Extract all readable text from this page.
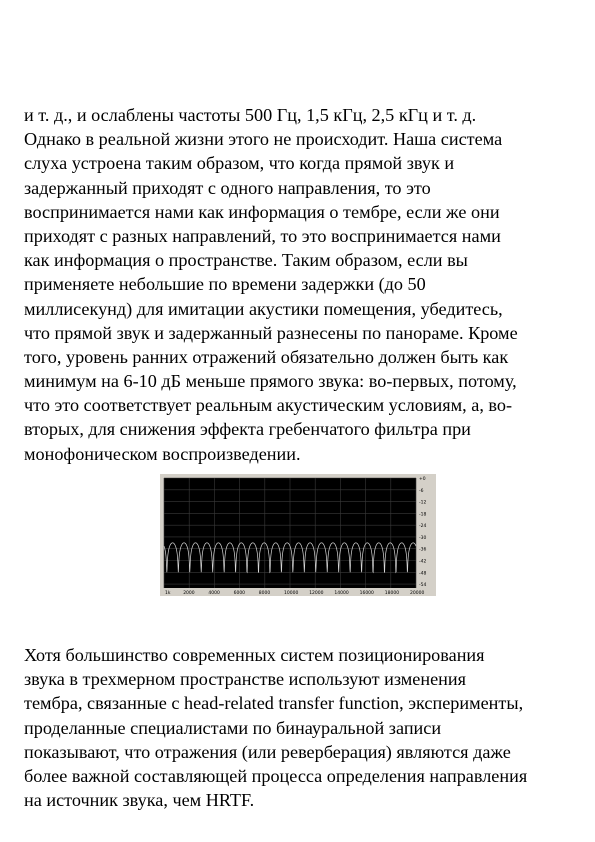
и т. д., и ослаблены частоты 500 Гц, 1,5 кГц, 2,5 кГц и т. д.
Однако в реальной жизни этого не происходит. Наша система
слуха устроена таким образом, что когда прямой звук и
задержанный приходят с одного направления, то это
воспринимается нами как информация о тембре, если же они
приходят с разных направлений, то это воспринимается нами
как информация о пространстве. Таким образом, если вы
применяете небольшие по времени задержки (до 50
миллисекунд) для имитации акустики помещения, убедитесь,
что прямой звук и задержанный разнесены по панораме. Кроме
того, уровень ранних отражений обязательно должен быть как
минимум на 6-10 дБ меньше прямого звука: во-первых, потому,
что это соответствует реальным акустическим условиям, а, во-
вторых, для снижения эффекта гребенчатого фильтра при
монофоническом воспроизведении.
+0
-6
-12
-18
-24
-30
-36
-42
-48
-54
1k	2000	4000	6000	8000	10000 12000 14000 16000 18000 20000
Хотя большинство современных систем позиционирования
звука в трехмерном пространстве используют изменения
тембра, связанные с head-related transfer function, эксперименты,
проделанные специалистами по бинауральной записи
показывают, что отражения (или реверберация) являются даже
более важной составляющей процесса определения направления
на источник звука, чем HRTF.
